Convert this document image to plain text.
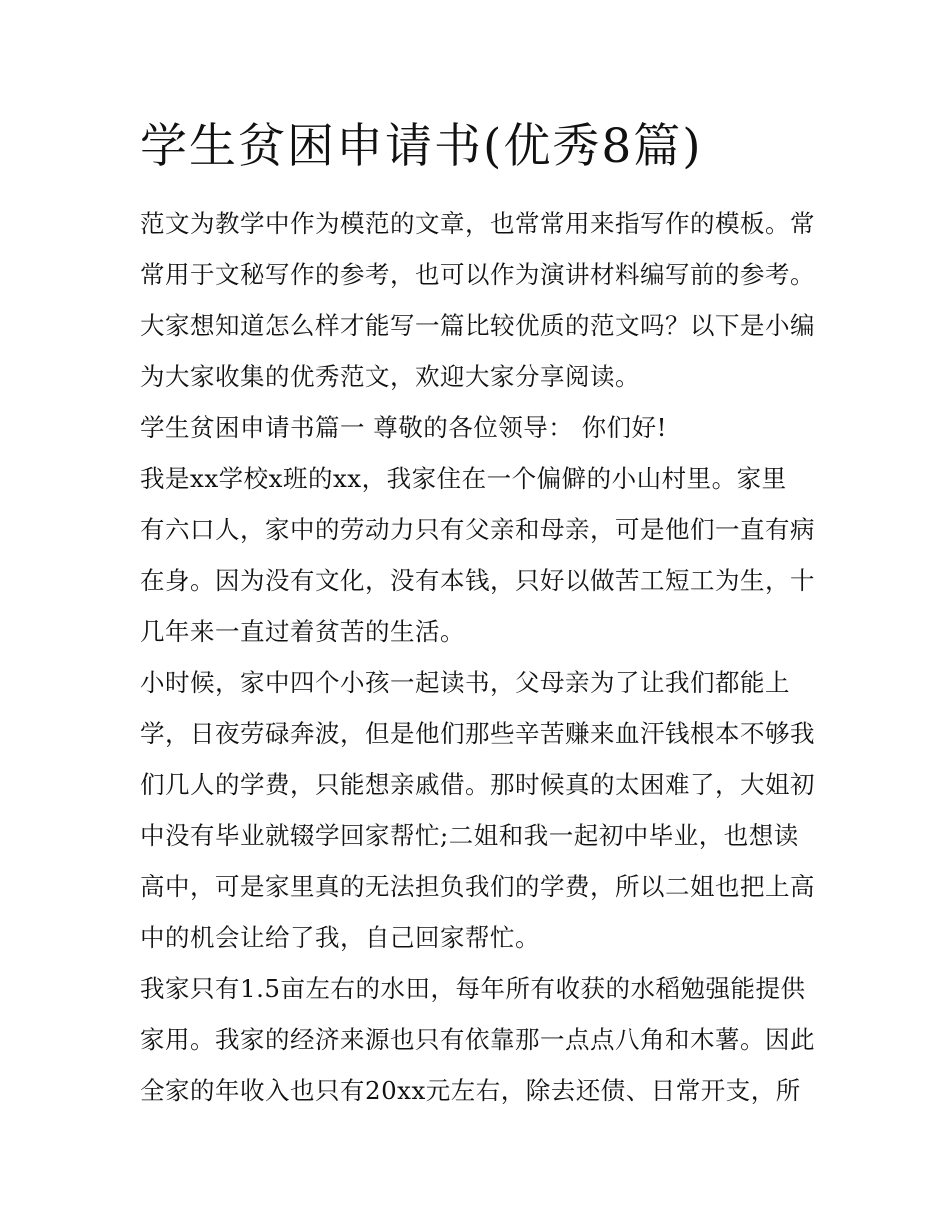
学生贫困申请书(优秀8篇)
范文为教学中作为模范的文章，也常常用来指写作的模板。常
常用于文秘写作的参考，也可以作为演讲材料编写前的参考。
大家想知道怎么样才能写一篇比较优质的范文吗？以下是小编
为大家收集的优秀范文，欢迎大家分享阅读。
学生贫困申请书篇一 尊敬的各位领导： 你们好!
我是xx学校x班的xx，我家住在一个偏僻的小山村里。家里
有六口人，家中的劳动力只有父亲和母亲，可是他们一直有病
在身。因为没有文化，没有本钱，只好以做苦工短工为生，十
几年来一直过着贫苦的生活。
小时候，家中四个小孩一起读书，父母亲为了让我们都能上
学，日夜劳碌奔波，但是他们那些辛苦赚来血汗钱根本不够我
们几人的学费，只能想亲戚借。那时候真的太困难了，大姐初
中没有毕业就辍学回家帮忙;二姐和我一起初中毕业，也想读
高中，可是家里真的无法担负我们的学费，所以二姐也把上高
中的机会让给了我，自己回家帮忙。
我家只有1.5亩左右的水田，每年所有收获的水稻勉强能提供
家用。我家的经济来源也只有依靠那一点点八角和木薯。因此
全家的年收入也只有20xx元左右，除去还债、日常开支，所
